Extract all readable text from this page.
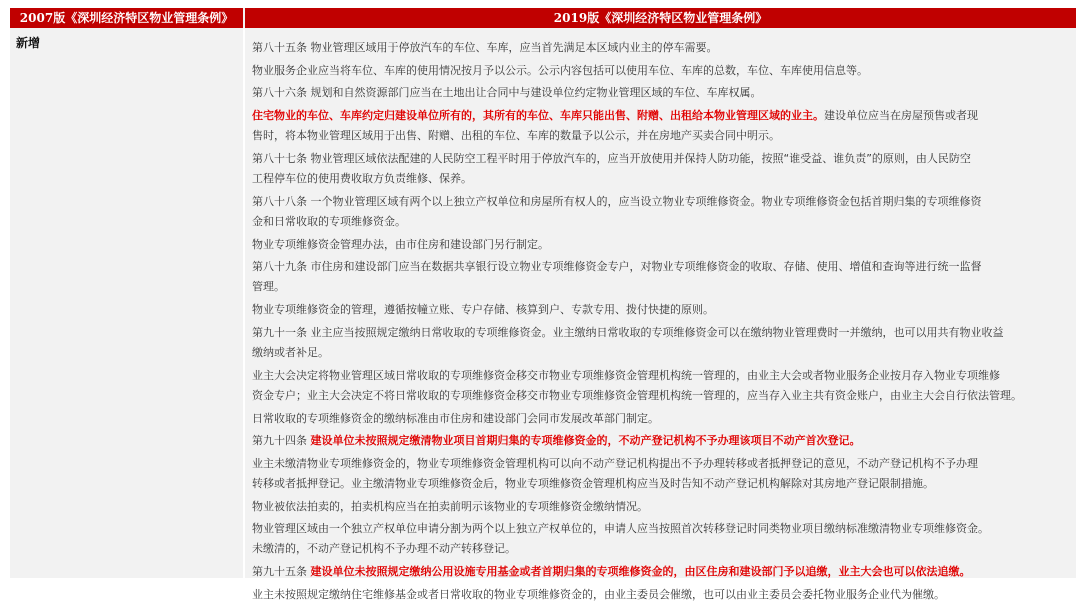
2007版《深圳经济特区物业管理条例》	2019版《深圳经济特区物业管理条例》
新增	第八十五条 物业管理区域用于停放汽车的车位、车库，应当首先满足本区域内业主的停车需要。
物业服务企业应当将车位、车库的使用情况按月予以公示。公示内容包括可以使用车位、车库的总数，车位、车库使用信息等。
第八十六条 规划和自然资源部门应当在土地出让合同中与建设单位约定物业管理区域的车位、车库权属。
住宅物业的车位、车库约定归建设单位所有的，其所有的车位、车库只能出售、附赠、出租给本物业管理区域的业主。建设单位应当在房屋预售或者现
售时，将本物业管理区域用于出售、附赠、出租的车位、车库的数量予以公示，并在房地产买卖合同中明示。
第八十七条 物业管理区域依法配建的人民防空工程平时用于停放汽车的，应当开放使用并保持人防功能，按照“谁受益、谁负责”的原则，由人民防空
工程停车位的使用费收取方负责维修、保养。
第八十八条 一个物业管理区域有两个以上独立产权单位和房屋所有权人的，应当设立物业专项维修资金。物业专项维修资金包括首期归集的专项维修资
金和日常收取的专项维修资金。
物业专项维修资金管理办法，由市住房和建设部门另行制定。
第八十九条 市住房和建设部门应当在数据共享银行设立物业专项维修资金专户，对物业专项维修资金的收取、存储、使用、增值和查询等进行统一监督
管理。
物业专项维修资金的管理，遵循按幢立账、专户存储、核算到户、专款专用、拨付快捷的原则。
第九十一条 业主应当按照规定缴纳日常收取的专项维修资金。业主缴纳日常收取的专项维修资金可以在缴纳物业管理费时一并缴纳，也可以用共有物业收益
缴纳或者补足。
业主大会决定将物业管理区域日常收取的专项维修资金移交市物业专项维修资金管理机构统一管理的，由业主大会或者物业服务企业按月存入物业专项维修
资金专户；业主大会决定不将日常收取的专项维修资金移交市物业专项维修资金管理机构统一管理的，应当存入业主共有资金账户，由业主大会自行依法管理。
日常收取的专项维修资金的缴纳标准由市住房和建设部门会同市发展改革部门制定。
第九十四条 建设单位未按照规定缴清物业项目首期归集的专项维修资金的，不动产登记机构不予办理该项目不动产首次登记。
业主未缴清物业专项维修资金的，物业专项维修资金管理机构可以向不动产登记机构提出不予办理转移或者抵押登记的意见，不动产登记机构不予办理
转移或者抵押登记。业主缴清物业专项维修资金后，物业专项维修资金管理机构应当及时告知不动产登记机构解除对其房地产登记限制措施。
物业被依法拍卖的，拍卖机构应当在拍卖前明示该物业的专项维修资金缴纳情况。
物业管理区域由一个独立产权单位申请分割为两个以上独立产权单位的，申请人应当按照首次转移登记时同类物业项目缴纳标准缴清物业专项维修资金。
未缴清的，不动产登记机构不予办理不动产转移登记。
第九十五条 建设单位未按照规定缴纳公用设施专用基金或者首期归集的专项维修资金的，由区住房和建设部门予以追缴，业主大会也可以依法追缴。
业主未按照规定缴纳住宅维修基金或者日常收取的物业专项维修资金的，由业主委员会催缴，也可以由业主委员会委托物业服务企业代为催缴。
